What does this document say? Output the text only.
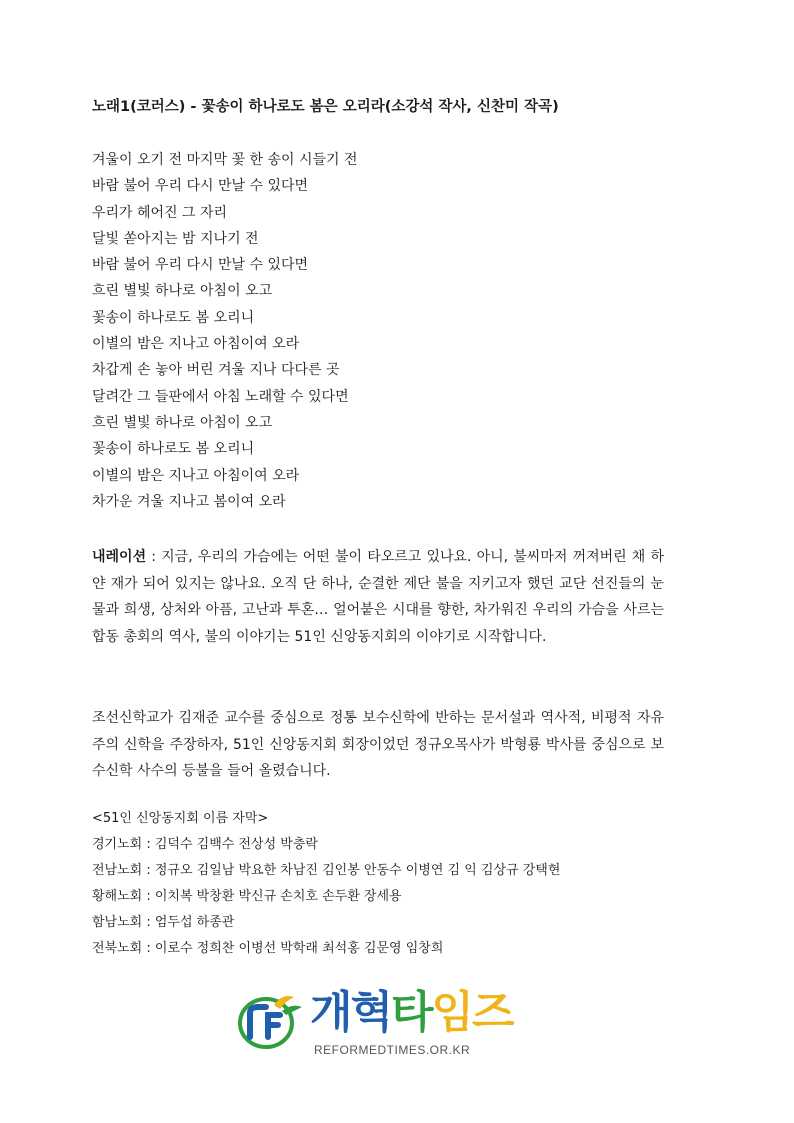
노래1(코러스) - 꽃송이 하나로도 봄은 오리라(소강석 작사, 신찬미 작곡)
겨울이 오기 전 마지막 꽃 한 송이 시들기 전
바람 불어 우리 다시 만날 수 있다면
우리가 헤어진 그 자리
달빛 쏟아지는 밤 지나기 전
바람 불어 우리 다시 만날 수 있다면
흐린 별빛 하나로 아침이 오고
꽃송이 하나로도 봄 오리니
이별의 밤은 지나고 아침이여 오라
차갑게 손 놓아 버린 겨울 지나 다다른 곳
달려간 그 들판에서 아침 노래할 수 있다면
흐린 별빛 하나로 아침이 오고
꽃송이 하나로도 봄 오리니
이별의 밤은 지나고 아침이여 오라
차가운 겨울 지나고 봄이여 오라

내레이션 : 지금, 우리의 가슴에는 어떤 불이 타오르고 있나요. 아니, 불씨마저 꺼져버린 채 하얀 재가 되어 있지는 않나요. 오직 단 하나, 순결한 제단 불을 지키고자 했던 교단 선진들의 눈물과 희생, 상처와 아픔, 고난과 투혼… 얼어붙은 시대를 향한, 차가워진 우리의 가슴을 사르는 합동 총회의 역사, 불의 이야기는 51인 신앙동지회의 이야기로 시작합니다.

조선신학교가 김재준 교수를 중심으로 정통 보수신학에 반하는 문서설과 역사적, 비평적 자유주의 신학을 주장하자, 51인 신앙동지회 회장이었던 정규오목사가 박형룡 박사를 중심으로 보수신학 사수의 등불을 들어 올렸습니다.

<51인 신앙동지회 이름 자막>
경기노회 : 김덕수 김백수 전상성 박충락
전남노회 : 정규오 김일남 박요한 차남진 김인봉 안동수 이병연 김 익 김상규 강택현
황해노회 : 이치복 박창환 박신규 손치호 손두환 장세용
함남노회 : 엄두섭 하종관
전북노회 : 이로수 정희찬 이병선 박학래 최석홍 김문영 임창희
개혁타임즈
REFORMEDTIMES.OR.KR
